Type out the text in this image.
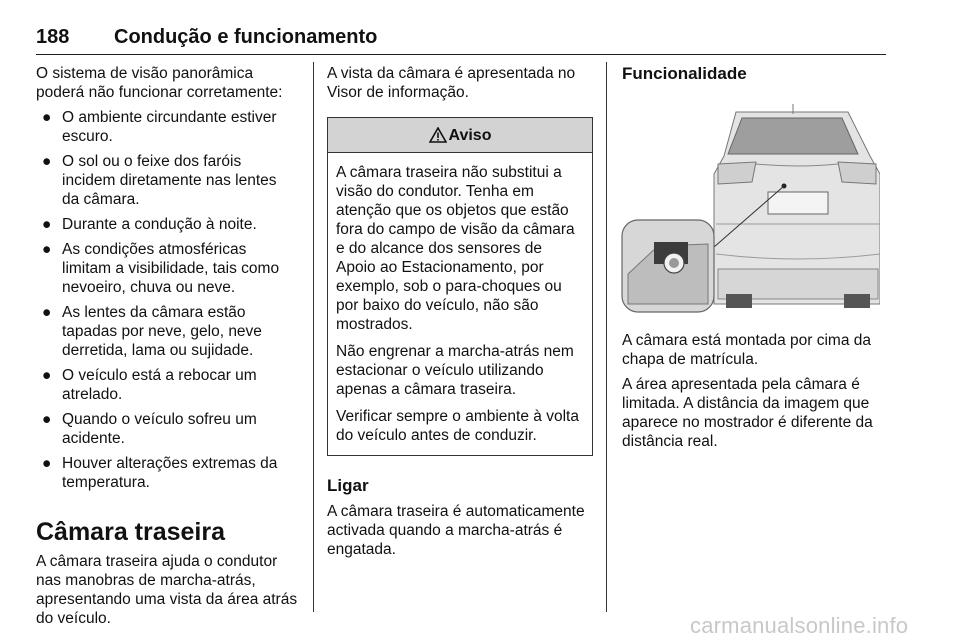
188 Condução e funcionamento

O sistema de visão panorâmica poderá não funcionar corretamente:

● O ambiente circundante estiver escuro.
● O sol ou o feixe dos faróis incidem diretamente nas lentes da câmara.
● Durante a condução à noite.
● As condições atmosféricas limitam a visibilidade, tais como nevoeiro, chuva ou neve.
● As lentes da câmara estão tapadas por neve, gelo, neve derretida, lama ou sujidade.
● O veículo está a rebocar um atrelado.
● Quando o veículo sofreu um acidente.
● Houver alterações extremas da temperatura.
Câmara traseira

A câmara traseira ajuda o condutor nas manobras de marcha-atrás, apresentando uma vista da área atrás do veículo.

A vista da câmara é apresentada no Visor de informação.

Aviso

A câmara traseira não substitui a visão do condutor. Tenha em atenção que os objetos que estão fora do campo de visão da câmara e do alcance dos sensores de Apoio ao Estacionamento, por exemplo, sob o para-choques ou por baixo do veículo, não são mostrados.

Não engrenar a marcha-atrás nem estacionar o veículo utilizando apenas a câmara traseira.

Verificar sempre o ambiente à volta do veículo antes de conduzir.

Ligar

A câmara traseira é automaticamente activada quando a marcha-atrás é engatada.

Funcionalidade

A câmara está montada por cima da chapa de matrícula.

A área apresentada pela câmara é limitada. A distância da imagem que aparece no mostrador é diferente da distância real.

carmanualsonline.info
